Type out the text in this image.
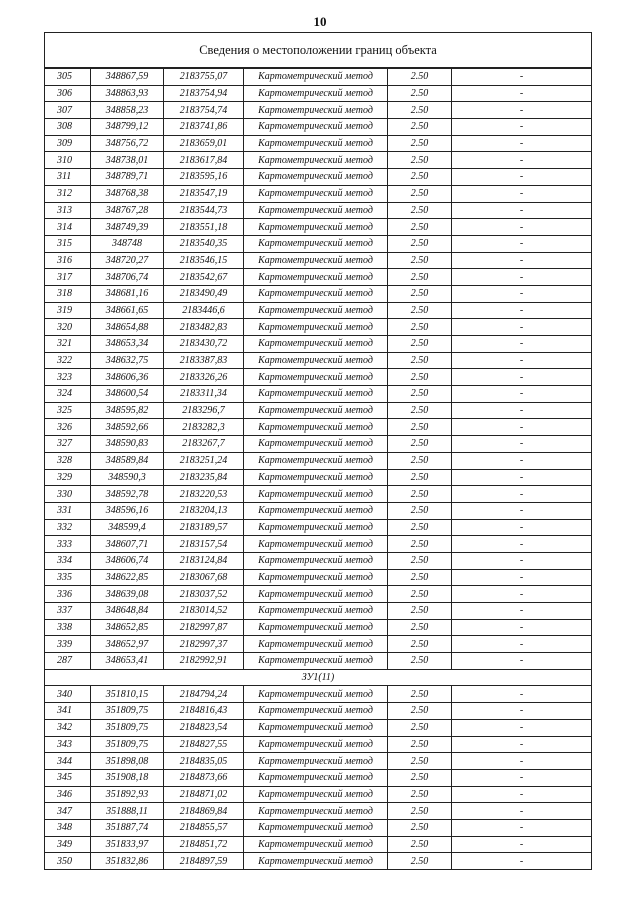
10
Сведения о местоположении границ объекта					
305	348867,59	2183755,07	Картометрический метод	2.50	-
306	348863,93	2183754,94	Картометрический метод	2.50	-
307	348858,23	2183754,74	Картометрический метод	2.50	-
308	348799,12	2183741,86	Картометрический метод	2.50	-
309	348756,72	2183659,01	Картометрический метод	2.50	-
310	348738,01	2183617,84	Картометрический метод	2.50	-
311	348789,71	2183595,16	Картометрический метод	2.50	-
312	348768,38	2183547,19	Картометрический метод	2.50	-
313	348767,28	2183544,73	Картометрический метод	2.50	-
314	348749,39	2183551,18	Картометрический метод	2.50	-
315	348748	2183540,35	Картометрический метод	2.50	-
316	348720,27	2183546,15	Картометрический метод	2.50	-
317	348706,74	2183542,67	Картометрический метод	2.50	-
318	348681,16	2183490,49	Картометрический метод	2.50	-
319	348661,65	2183446,6	Картометрический метод	2.50	-
320	348654,88	2183482,83	Картометрический метод	2.50	-
321	348653,34	2183430,72	Картометрический метод	2.50	-
322	348632,75	2183387,83	Картометрический метод	2.50	-
323	348606,36	2183326,26	Картометрический метод	2.50	-
324	348600,54	2183311,34	Картометрический метод	2.50	-
325	348595,82	2183296,7	Картометрический метод	2.50	-
326	348592,66	2183282,3	Картометрический метод	2.50	-
327	348590,83	2183267,7	Картометрический метод	2.50	-
328	348589,84	2183251,24	Картометрический метод	2.50	-
329	348590,3	2183235,84	Картометрический метод	2.50	-
330	348592,78	2183220,53	Картометрический метод	2.50	-
331	348596,16	2183204,13	Картометрический метод	2.50	-
332	348599,4	2183189,57	Картометрический метод	2.50	-
333	348607,71	2183157,54	Картометрический метод	2.50	-
334	348606,74	2183124,84	Картометрический метод	2.50	-
335	348622,85	2183067,68	Картометрический метод	2.50	-
336	348639,08	2183037,52	Картометрический метод	2.50	-
337	348648,84	2183014,52	Картометрический метод	2.50	-
338	348652,85	2182997,87	Картометрический метод	2.50	-
339	348652,97	2182997,37	Картометрический метод	2.50	-
287	348653,41	2182992,91	Картометрический метод	2.50	-
ЗУ1(11)					
340	351810,15	2184794,24	Картометрический метод	2.50	-
341	351809,75	2184816,43	Картометрический метод	2.50	-
342	351809,75	2184823,54	Картометрический метод	2.50	-
343	351809,75	2184827,55	Картометрический метод	2.50	-
344	351898,08	2184835,05	Картометрический метод	2.50	-
345	351908,18	2184873,66	Картометрический метод	2.50	-
346	351892,93	2184871,02	Картометрический метод	2.50	-
347	351888,11	2184869,84	Картометрический метод	2.50	-
348	351887,74	2184855,57	Картометрический метод	2.50	-
349	351833,97	2184851,72	Картометрический метод	2.50	-
350	351832,86	2184897,59	Картометрический метод	2.50	-
